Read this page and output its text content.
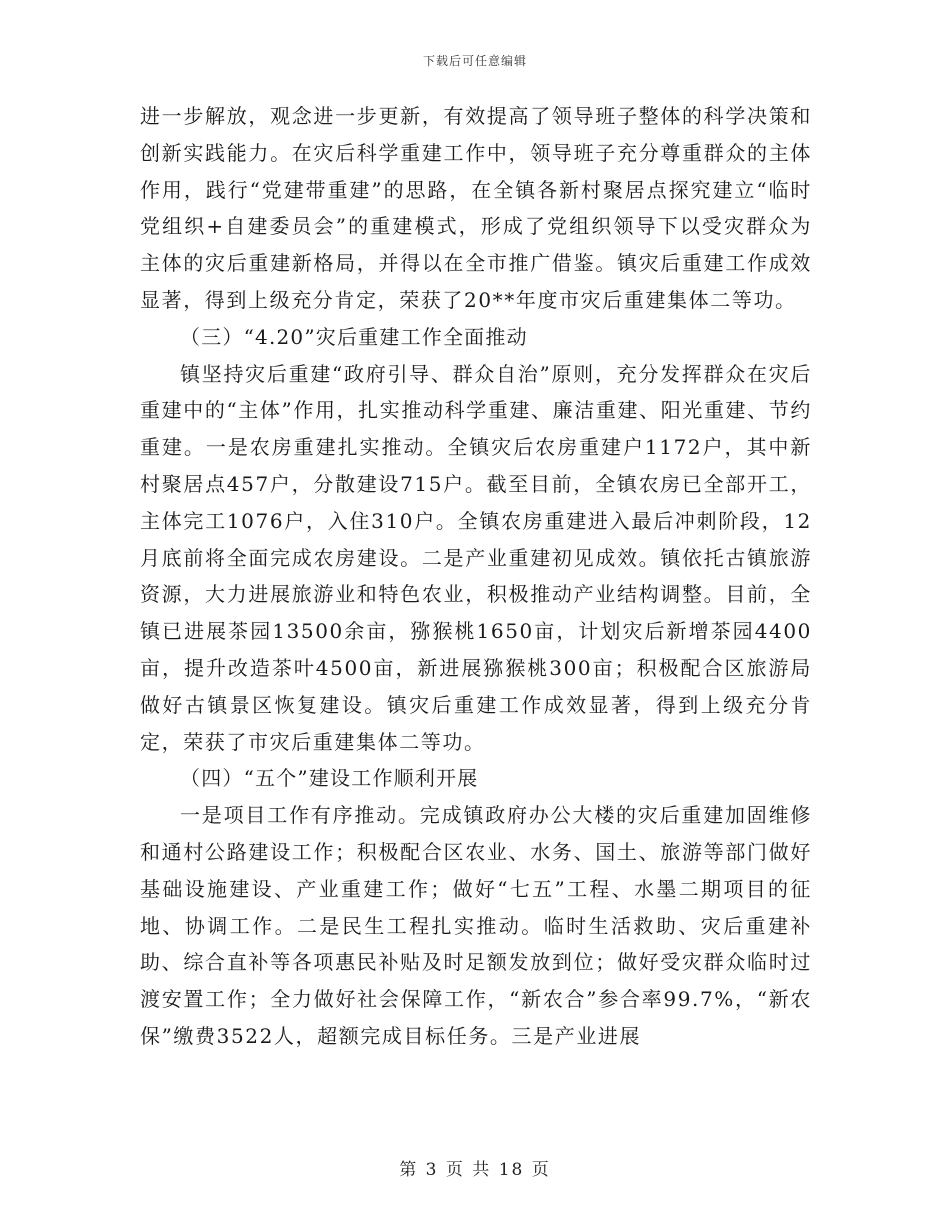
下载后可任意编辑

进一步解放，观念进一步更新，有效提高了领导班子整体的科学决策和创新实践能力。在灾后科学重建工作中，领导班子充分尊重群众的主体作用，践行“党建带重建”的思路，在全镇各新村聚居点探究建立“临时党组织+自建委员会”的重建模式，形成了党组织领导下以受灾群众为主体的灾后重建新格局，并得以在全市推广借鉴。镇灾后重建工作成效显著，得到上级充分肯定，荣获了20**年度市灾后重建集体二等功。

（三）“4.20”灾后重建工作全面推动

镇坚持灾后重建“政府引导、群众自治”原则，充分发挥群众在灾后重建中的“主体”作用，扎实推动科学重建、廉洁重建、阳光重建、节约重建。一是农房重建扎实推动。全镇灾后农房重建户1172户，其中新村聚居点457户，分散建设715户。截至目前，全镇农房已全部开工，主体完工1076户，入住310户。全镇农房重建进入最后冲刺阶段，12月底前将全面完成农房建设。二是产业重建初见成效。镇依托古镇旅游资源，大力进展旅游业和特色农业，积极推动产业结构调整。目前，全镇已进展茶园13500余亩，猕猴桃1650亩，计划灾后新增茶园4400亩，提升改造茶叶4500亩，新进展猕猴桃300亩；积极配合区旅游局做好古镇景区恢复建设。镇灾后重建工作成效显著，得到上级充分肯定，荣获了市灾后重建集体二等功。

（四）“五个”建设工作顺利开展

一是项目工作有序推动。完成镇政府办公大楼的灾后重建加固维修和通村公路建设工作；积极配合区农业、水务、国土、旅游等部门做好基础设施建设、产业重建工作；做好“七五”工程、水墨二期项目的征地、协调工作。二是民生工程扎实推动。临时生活救助、灾后重建补助、综合直补等各项惠民补贴及时足额发放到位；做好受灾群众临时过渡安置工作；全力做好社会保障工作，“新农合”参合率99.7%，“新农保”缴费3522人，超额完成目标任务。三是产业进展

第 3 页 共 18 页
